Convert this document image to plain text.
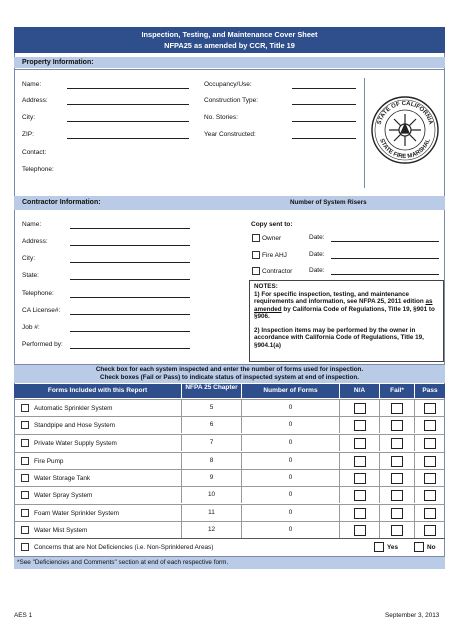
Inspection, Testing, and Maintenance Cover Sheet
NFPA25 as amended by CCR, Title 19
Property Information:
Name:
Address:
City:
ZIP:
Contact:
Telephone:
Occupancy/Use:
Construction Type:
No. Stories:
Year Constructed:
STATE OF CALIFORNIA
STATE FIRE MARSHAL
Contractor Information:	Number of System Risers
Name:
Address:
City:
State:
Telephone:
CA License#:
Job #:
Performed by:
Copy sent to:
Owner	Date:
Fire AHJ	Date:
Contractor	Date:
NOTES:
1) For specific inspection, testing, and maintenance requirements and information, see NFPA 25, 2011 edition as amended by California Code of Regulations, Title 19, §901 to §906.
2) Inspection items may be performed by the owner in accordance with California Code of Regulations, Title 19, §904.1(a)
Check box for each system inspected and enter the number of forms used for inspection.
Check boxes (Fail or Pass) to indicate status of inspected system at end of inspection.
Forms Included with this Report	NFPA 25 Chapter	Number of Forms	N/A	Fail*	Pass
Automatic Sprinkler System	5	0
Standpipe and Hose System	6	0
Private Water Supply System	7	0
Fire Pump	8	0
Water Storage Tank	9	0
Water Spray System	10	0
Foam Water Sprinkler System	11	0
Water Mist System	12	0
Concerns that are Not Deficiencies (i.e. Non-Sprinklered Areas)	Yes	No
*See "Deficiencies and Comments" section at end of each respective form.
AES 1	September 3, 2013
